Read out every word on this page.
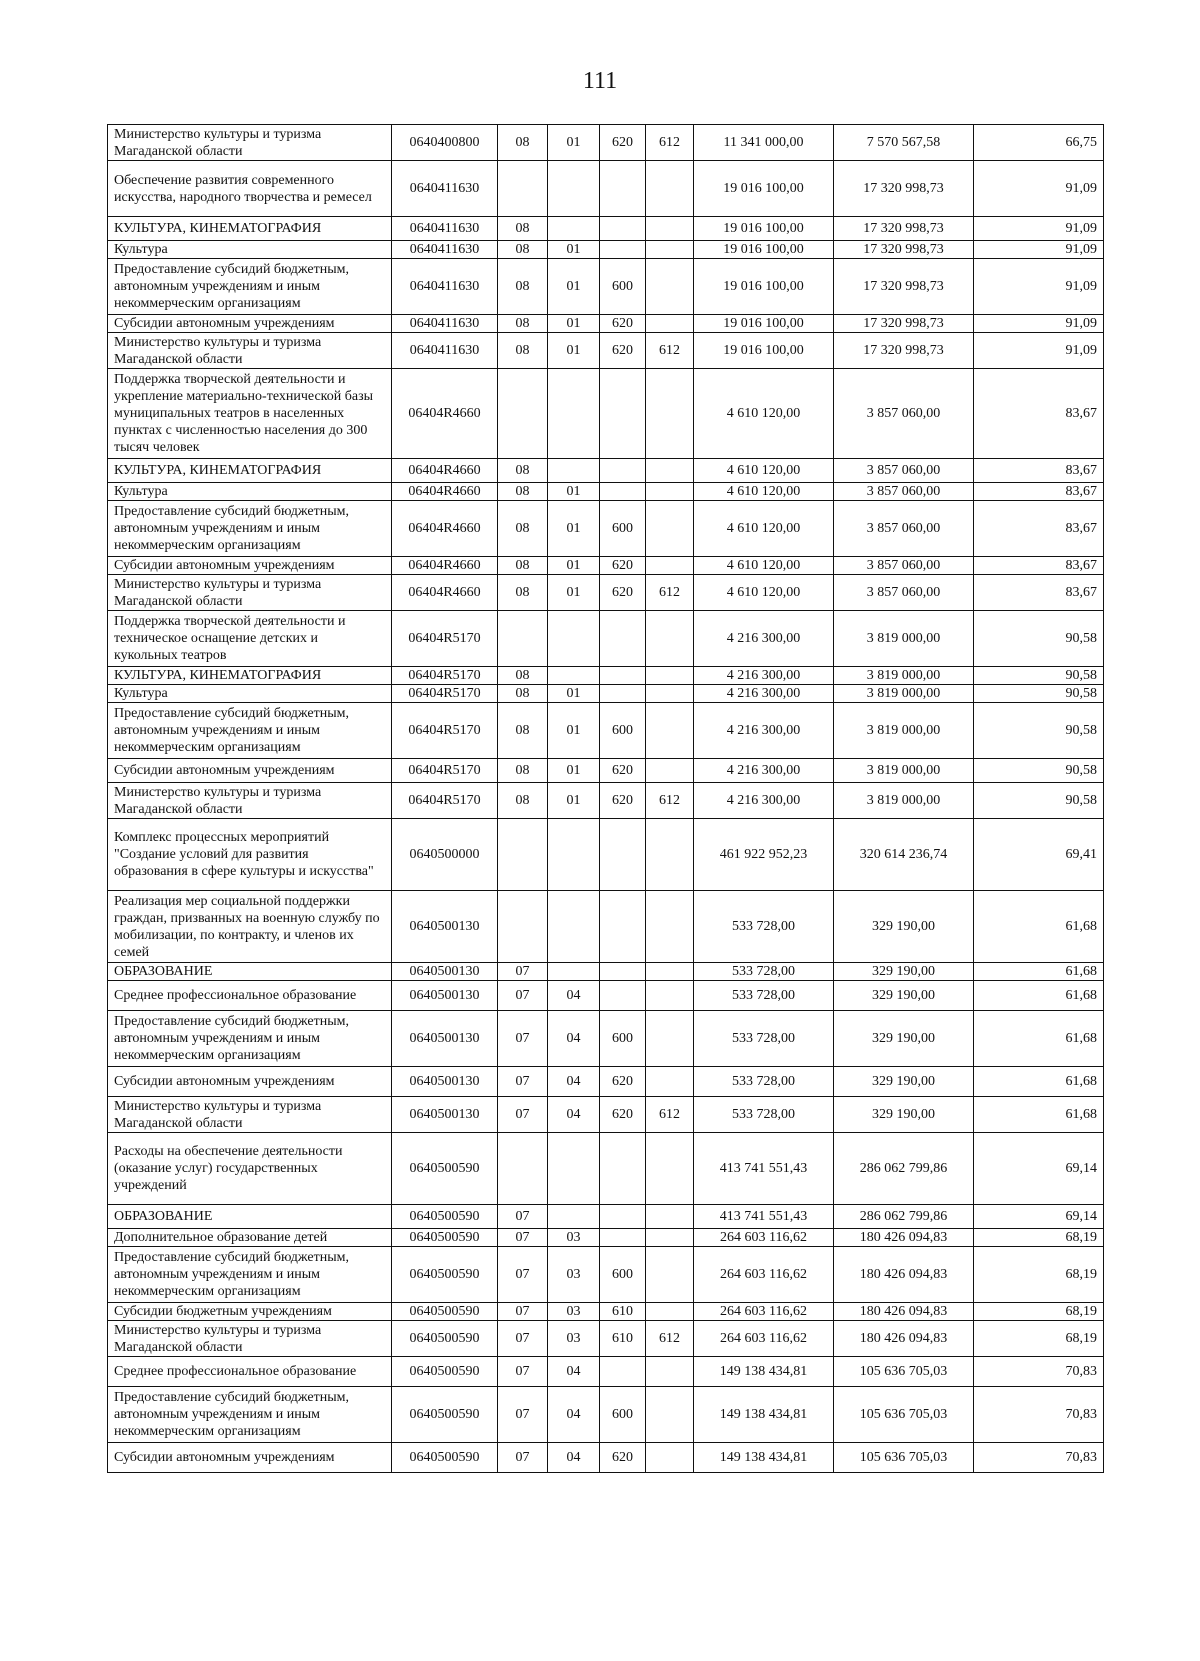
111
Министерство культуры и туризма Магаданской области	0640400800	08	01	620	612	11 341 000,00	7 570 567,58	66,75
Обеспечение развития современного искусства, народного творчества и ремесел	0640411630					19 016 100,00	17 320 998,73	91,09
КУЛЬТУРА, КИНЕМАТОГРАФИЯ	0640411630	08				19 016 100,00	17 320 998,73	91,09
Культура	0640411630	08	01			19 016 100,00	17 320 998,73	91,09
Предоставление субсидий бюджетным, автономным учреждениям и иным некоммерческим организациям	0640411630	08	01	600		19 016 100,00	17 320 998,73	91,09
Субсидии автономным учреждениям	0640411630	08	01	620		19 016 100,00	17 320 998,73	91,09
Министерство культуры и туризма Магаданской области	0640411630	08	01	620	612	19 016 100,00	17 320 998,73	91,09
Поддержка творческой деятельности и укрепление материально-технической базы муниципальных театров в населенных пунктах с численностью населения до 300 тысяч человек	06404R4660					4 610 120,00	3 857 060,00	83,67
КУЛЬТУРА, КИНЕМАТОГРАФИЯ	06404R4660	08				4 610 120,00	3 857 060,00	83,67
Культура	06404R4660	08	01			4 610 120,00	3 857 060,00	83,67
Предоставление субсидий бюджетным, автономным учреждениям и иным некоммерческим организациям	06404R4660	08	01	600		4 610 120,00	3 857 060,00	83,67
Субсидии автономным учреждениям	06404R4660	08	01	620		4 610 120,00	3 857 060,00	83,67
Министерство культуры и туризма Магаданской области	06404R4660	08	01	620	612	4 610 120,00	3 857 060,00	83,67
Поддержка творческой деятельности и техническое оснащение детских и кукольных театров	06404R5170					4 216 300,00	3 819 000,00	90,58
КУЛЬТУРА, КИНЕМАТОГРАФИЯ	06404R5170	08				4 216 300,00	3 819 000,00	90,58
Культура	06404R5170	08	01			4 216 300,00	3 819 000,00	90,58
Предоставление субсидий бюджетным, автономным учреждениям и иным некоммерческим организациям	06404R5170	08	01	600		4 216 300,00	3 819 000,00	90,58
Субсидии автономным учреждениям	06404R5170	08	01	620		4 216 300,00	3 819 000,00	90,58
Министерство культуры и туризма Магаданской области	06404R5170	08	01	620	612	4 216 300,00	3 819 000,00	90,58
Комплекс процессных мероприятий "Создание условий для развития образования в сфере культуры и искусства"	0640500000					461 922 952,23	320 614 236,74	69,41
Реализация мер социальной поддержки граждан, призванных на военную службу по мобилизации, по контракту, и членов их семей	0640500130					533 728,00	329 190,00	61,68
ОБРАЗОВАНИЕ	0640500130	07				533 728,00	329 190,00	61,68
Среднее профессиональное образование	0640500130	07	04			533 728,00	329 190,00	61,68
Предоставление субсидий бюджетным, автономным учреждениям и иным некоммерческим организациям	0640500130	07	04	600		533 728,00	329 190,00	61,68
Субсидии автономным учреждениям	0640500130	07	04	620		533 728,00	329 190,00	61,68
Министерство культуры и туризма Магаданской области	0640500130	07	04	620	612	533 728,00	329 190,00	61,68
Расходы на обеспечение деятельности (оказание услуг) государственных учреждений	0640500590					413 741 551,43	286 062 799,86	69,14
ОБРАЗОВАНИЕ	0640500590	07				413 741 551,43	286 062 799,86	69,14
Дополнительное образование детей	0640500590	07	03			264 603 116,62	180 426 094,83	68,19
Предоставление субсидий бюджетным, автономным учреждениям и иным некоммерческим организациям	0640500590	07	03	600		264 603 116,62	180 426 094,83	68,19
Субсидии бюджетным учреждениям	0640500590	07	03	610		264 603 116,62	180 426 094,83	68,19
Министерство культуры и туризма Магаданской области	0640500590	07	03	610	612	264 603 116,62	180 426 094,83	68,19
Среднее профессиональное образование	0640500590	07	04			149 138 434,81	105 636 705,03	70,83
Предоставление субсидий бюджетным, автономным учреждениям и иным некоммерческим организациям	0640500590	07	04	600		149 138 434,81	105 636 705,03	70,83
Субсидии автономным учреждениям	0640500590	07	04	620		149 138 434,81	105 636 705,03	70,83
